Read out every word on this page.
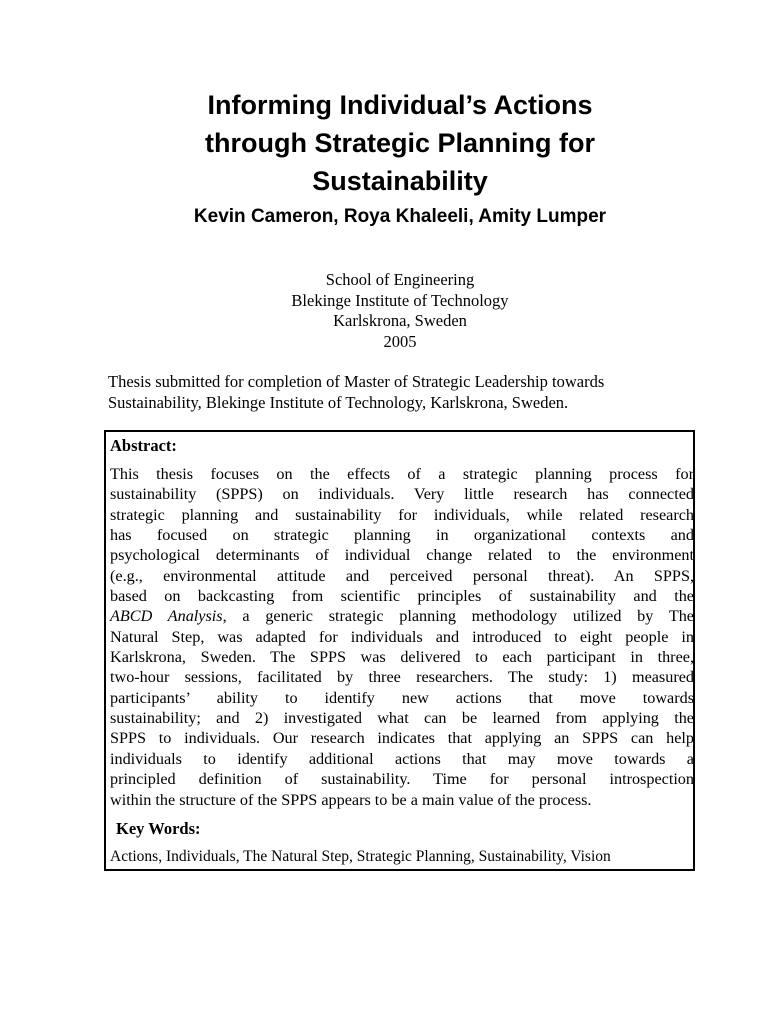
Informing Individual’s Actions
through Strategic Planning for
Sustainability
Kevin Cameron, Roya Khaleeli, Amity Lumper
School of Engineering
Blekinge Institute of Technology
Karlskrona, Sweden
2005
Thesis submitted for completion of Master of Strategic Leadership towards
Sustainability, Blekinge Institute of Technology, Karlskrona, Sweden.
Abstract:
This thesis focuses on the effects of a strategic planning process for
sustainability (SPPS) on individuals. Very little research has connected
strategic planning and sustainability for individuals, while related research
has focused on strategic planning in organizational contexts and
psychological determinants of individual change related to the environment
(e.g., environmental attitude and perceived personal threat). An SPPS,
based on backcasting from scientific principles of sustainability and the
ABCD Analysis, a generic strategic planning methodology utilized by The
Natural Step, was adapted for individuals and introduced to eight people in
Karlskrona, Sweden. The SPPS was delivered to each participant in three,
two-hour sessions, facilitated by three researchers. The study: 1) measured
participants’ ability to identify new actions that move towards
sustainability; and 2) investigated what can be learned from applying the
SPPS to individuals. Our research indicates that applying an SPPS can help
individuals to identify additional actions that may move towards a
principled definition of sustainability. Time for personal introspection
within the structure of the SPPS appears to be a main value of the process.
Key Words:
Actions, Individuals, The Natural Step, Strategic Planning, Sustainability, Vision
